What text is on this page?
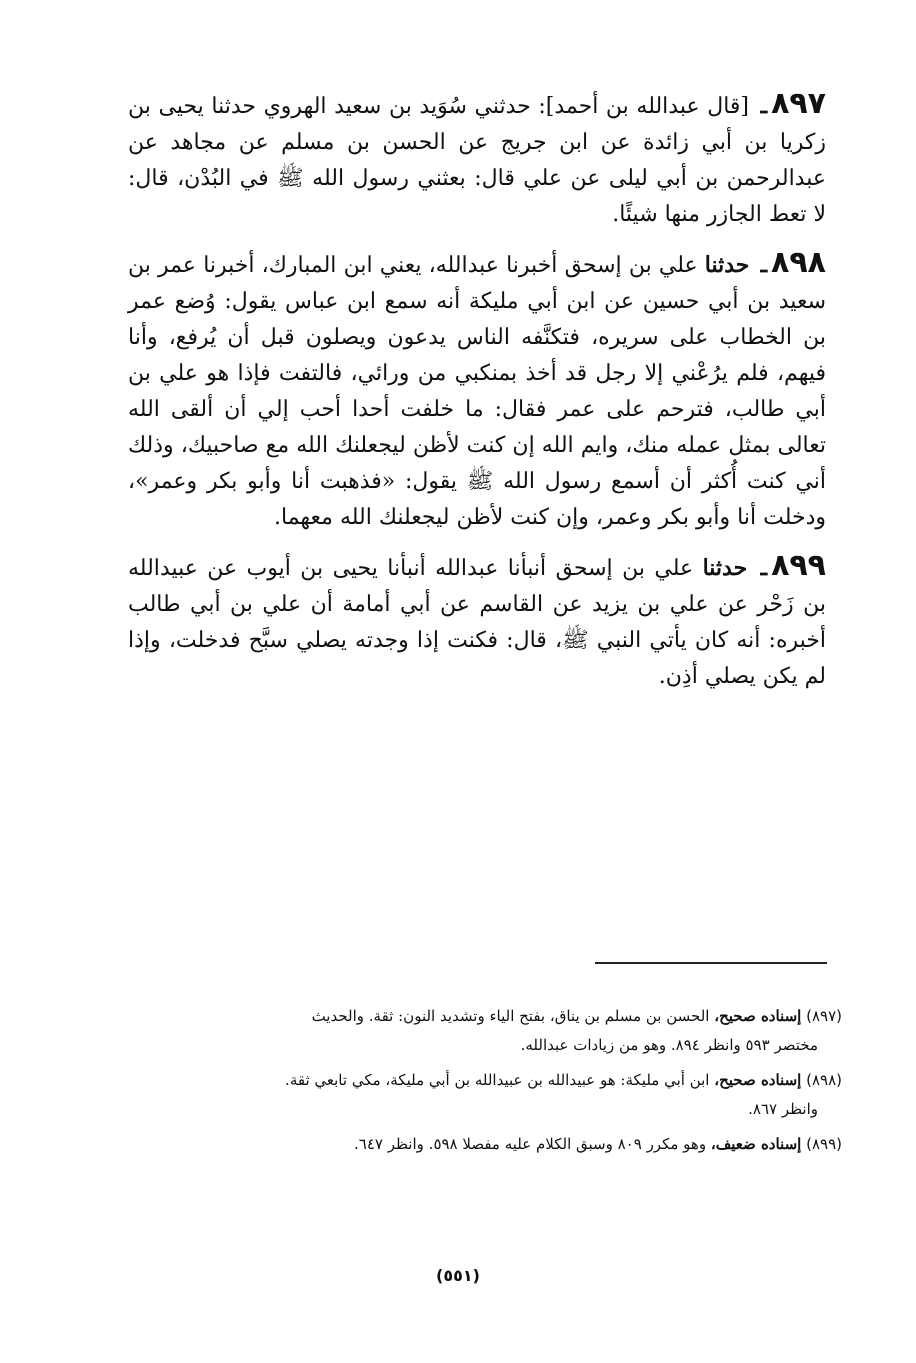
٨٩٧ـ [قال عبدالله بن أحمد]: حدثني سُوَيد بن سعيد الهروي حدثنا يحيى بن زكريا بن أبي زائدة عن ابن جريج عن الحسن بن مسلم عن مجاهد عن عبدالرحمن بن أبي ليلى عن علي قال: بعثني رسول الله ﷺ في البُدْن، قال: لا تعط الجازر منها شيئًا.

٨٩٨ـ حدثنا علي بن إسحق أخبرنا عبدالله، يعني ابن المبارك، أخبرنا عمر بن سعيد بن أبي حسين عن ابن أبي مليكة أنه سمع ابن عباس يقول: وُضع عمر بن الخطاب على سريره، فتكنَّفه الناس يدعون ويصلون قبل أن يُرفع، وأنا فيهم، فلم يرُعْني إلا رجل قد أخذ بمنكبي من ورائي، فالتفت فإذا هو علي بن أبي طالب، فترحم على عمر فقال: ما خلفت أحدا أحب إلي أن ألقى الله تعالى بمثل عمله منك، وايم الله إن كنت لأظن ليجعلنك الله مع صاحبيك، وذلك أني كنت أُكثر أن أسمع رسول الله ﷺ يقول: «فذهبت أنا وأبو بكر وعمر»، ودخلت أنا وأبو بكر وعمر، وإن كنت لأظن ليجعلنك الله معهما.

٨٩٩ـ حدثنا علي بن إسحق أنبأنا عبدالله أنبأنا يحيى بن أيوب عن عبيدالله بن زَحْر عن علي بن يزيد عن القاسم عن أبي أمامة أن علي بن أبي طالب أخبره: أنه كان يأتي النبي ﷺ، قال: فكنت إذا وجدته يصلي سبَّح فدخلت، وإذا لم يكن يصلي أذِن.

(٨٩٧) إسناده صحيح، الحسن بن مسلم بن يناق، بفتح الياء وتشديد النون: ثقة. والحديث
مختصر ٥٩٣ وانظر ٨٩٤. وهو من زيادات عبدالله.

(٨٩٨) إسناده صحيح، ابن أبي مليكة: هو عبيدالله بن عبيدالله بن أبي مليكة، مكي تابعي ثقة.
وانظر ٨٦٧.

(٨٩٩) إسناده ضعيف، وهو مكرر ٨٠٩ وسبق الكلام عليه مفصلا ٥٩٨. وانظر ٦٤٧.

(٥٥١)
